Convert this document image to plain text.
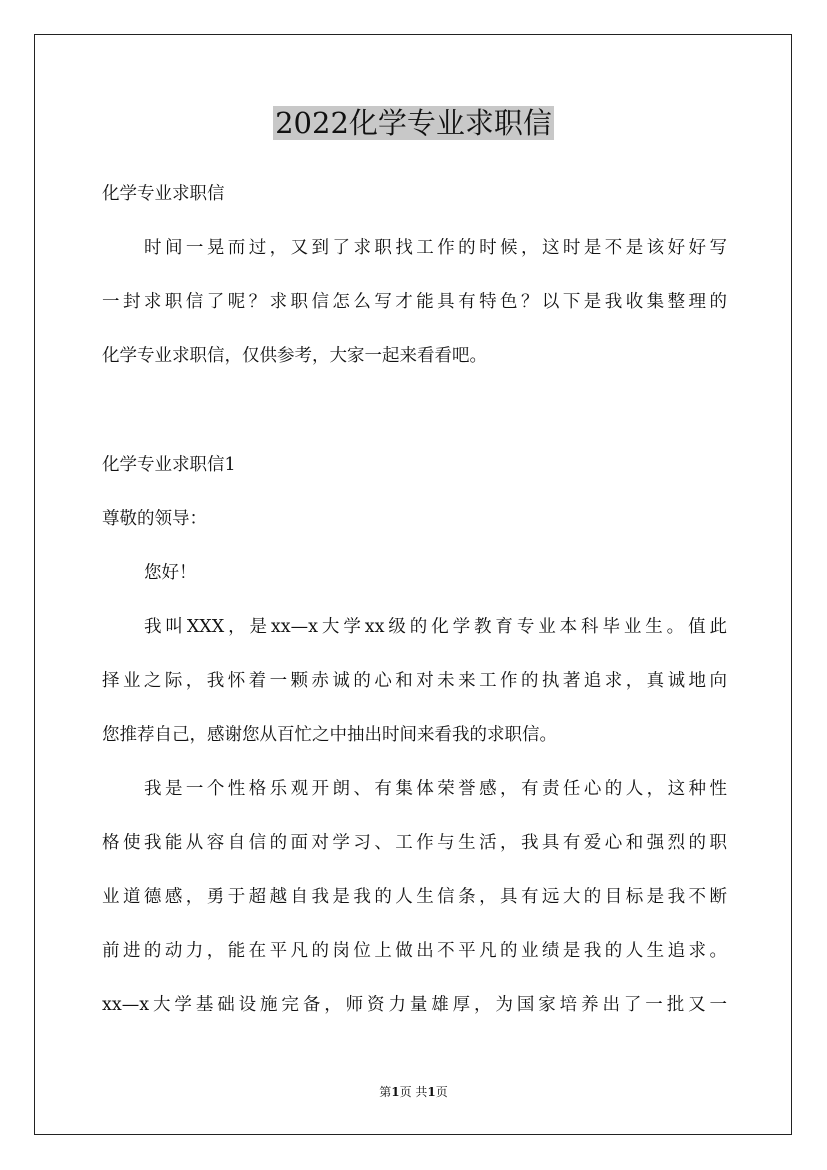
2022化学专业求职信

化学专业求职信

时间一晃而过，又到了求职找工作的时候，这时是不是该好好写

一封求职信了呢？求职信怎么写才能具有特色？以下是我收集整理的

化学专业求职信，仅供参考，大家一起来看看吧。

化学专业求职信1

尊敬的领导：

您好！

我叫XXX，是xx—x大学xx级的化学教育专业本科毕业生。值此

择业之际，我怀着一颗赤诚的心和对未来工作的执著追求，真诚地向

您推荐自己，感谢您从百忙之中抽出时间来看我的求职信。

我是一个性格乐观开朗、有集体荣誉感，有责任心的人，这种性

格使我能从容自信的面对学习、工作与生活，我具有爱心和强烈的职

业道德感，勇于超越自我是我的人生信条，具有远大的目标是我不断

前进的动力，能在平凡的岗位上做出不平凡的业绩是我的人生追求。

xx—x大学基础设施完备，师资力量雄厚，为国家培养出了一批又一

第1页 共1页
